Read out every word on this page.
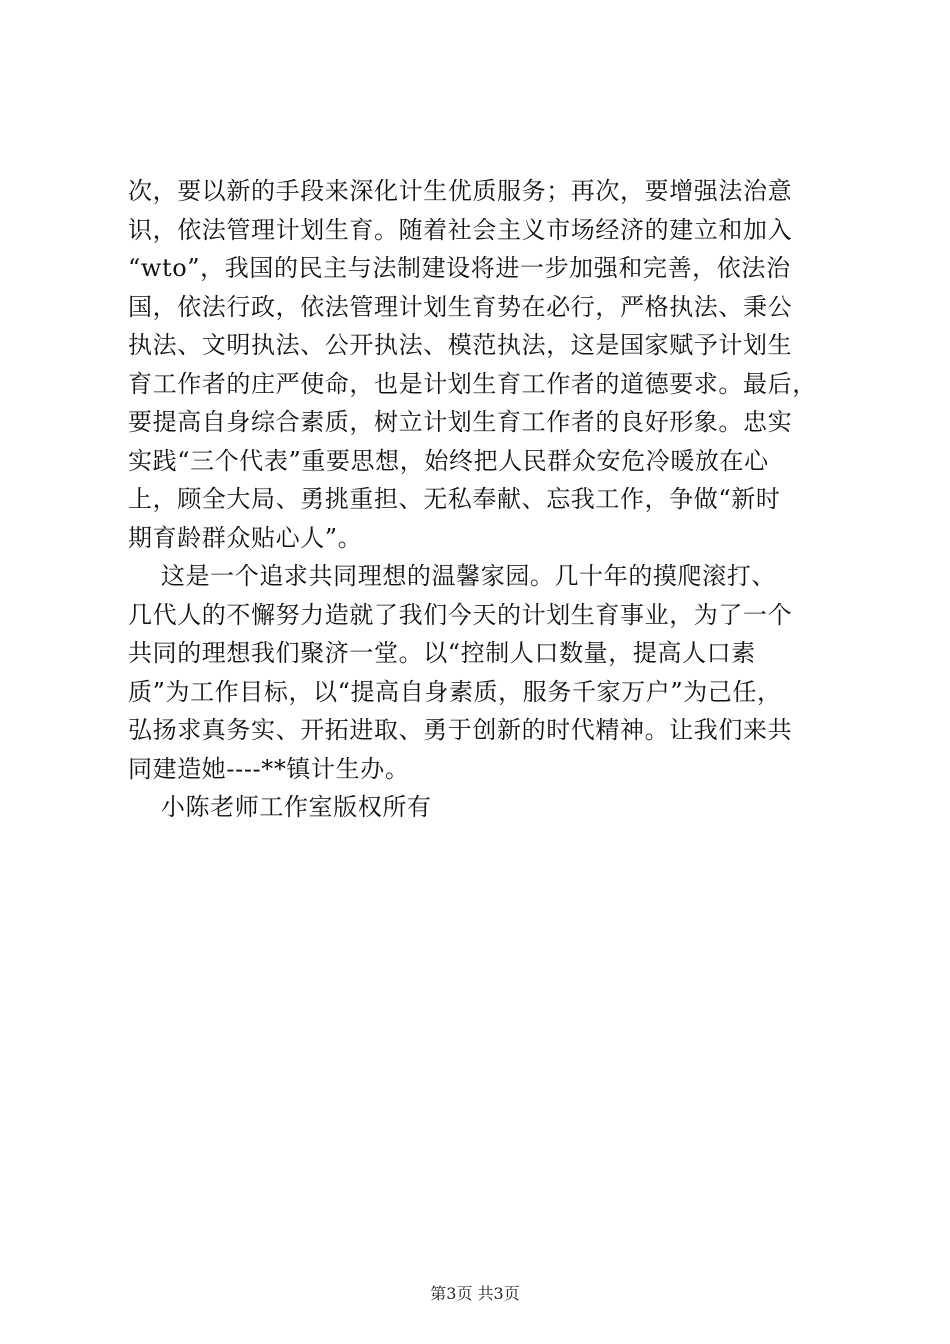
次，要以新的手段来深化计生优质服务；再次，要增强法治意
识，依法管理计划生育。随着社会主义市场经济的建立和加入
“wto”，我国的民主与法制建设将进一步加强和完善，依法治
国，依法行政，依法管理计划生育势在必行，严格执法、秉公
执法、文明执法、公开执法、模范执法，这是国家赋予计划生
育工作者的庄严使命，也是计划生育工作者的道德要求。最后，
要提高自身综合素质，树立计划生育工作者的良好形象。忠实
实践“三个代表”重要思想，始终把人民群众安危冷暖放在心
上，顾全大局、勇挑重担、无私奉献、忘我工作，争做“新时
期育龄群众贴心人”。
这是一个追求共同理想的温馨家园。几十年的摸爬滚打、
几代人的不懈努力造就了我们今天的计划生育事业，为了一个
共同的理想我们聚济一堂。以“控制人口数量，提高人口素
质”为工作目标，以“提高自身素质，服务千家万户”为己任，
弘扬求真务实、开拓进取、勇于创新的时代精神。让我们来共
同建造她----**镇计生办。
小陈老师工作室版权所有
第3页 共3页
